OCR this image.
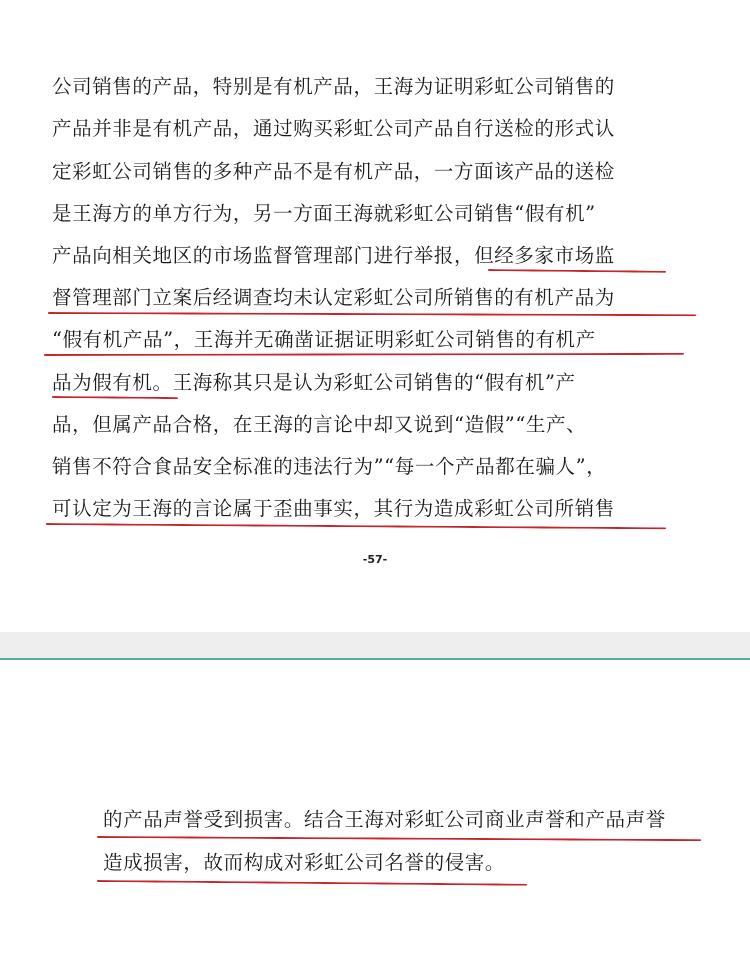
公司销售的产品，特别是有机产品，王海为证明彩虹公司销售的
产品并非是有机产品，通过购买彩虹公司产品自行送检的形式认
定彩虹公司销售的多种产品不是有机产品，一方面该产品的送检
是王海方的单方行为，另一方面王海就彩虹公司销售“假有机”
产品向相关地区的市场监督管理部门进行举报，但经多家市场监
督管理部门立案后经调查均未认定彩虹公司所销售的有机产品为
“假有机产品”，王海并无确凿证据证明彩虹公司销售的有机产
品为假有机。王海称其只是认为彩虹公司销售的“假有机”产
品，但属产品合格，在王海的言论中却又说到“造假”“生产、
销售不符合食品安全标准的违法行为”“每一个产品都在骗人”，
可认定为王海的言论属于歪曲事实，其行为造成彩虹公司所销售
-57-
的产品声誉受到损害。结合王海对彩虹公司商业声誉和产品声誉
造成损害，故而构成对彩虹公司名誉的侵害。
